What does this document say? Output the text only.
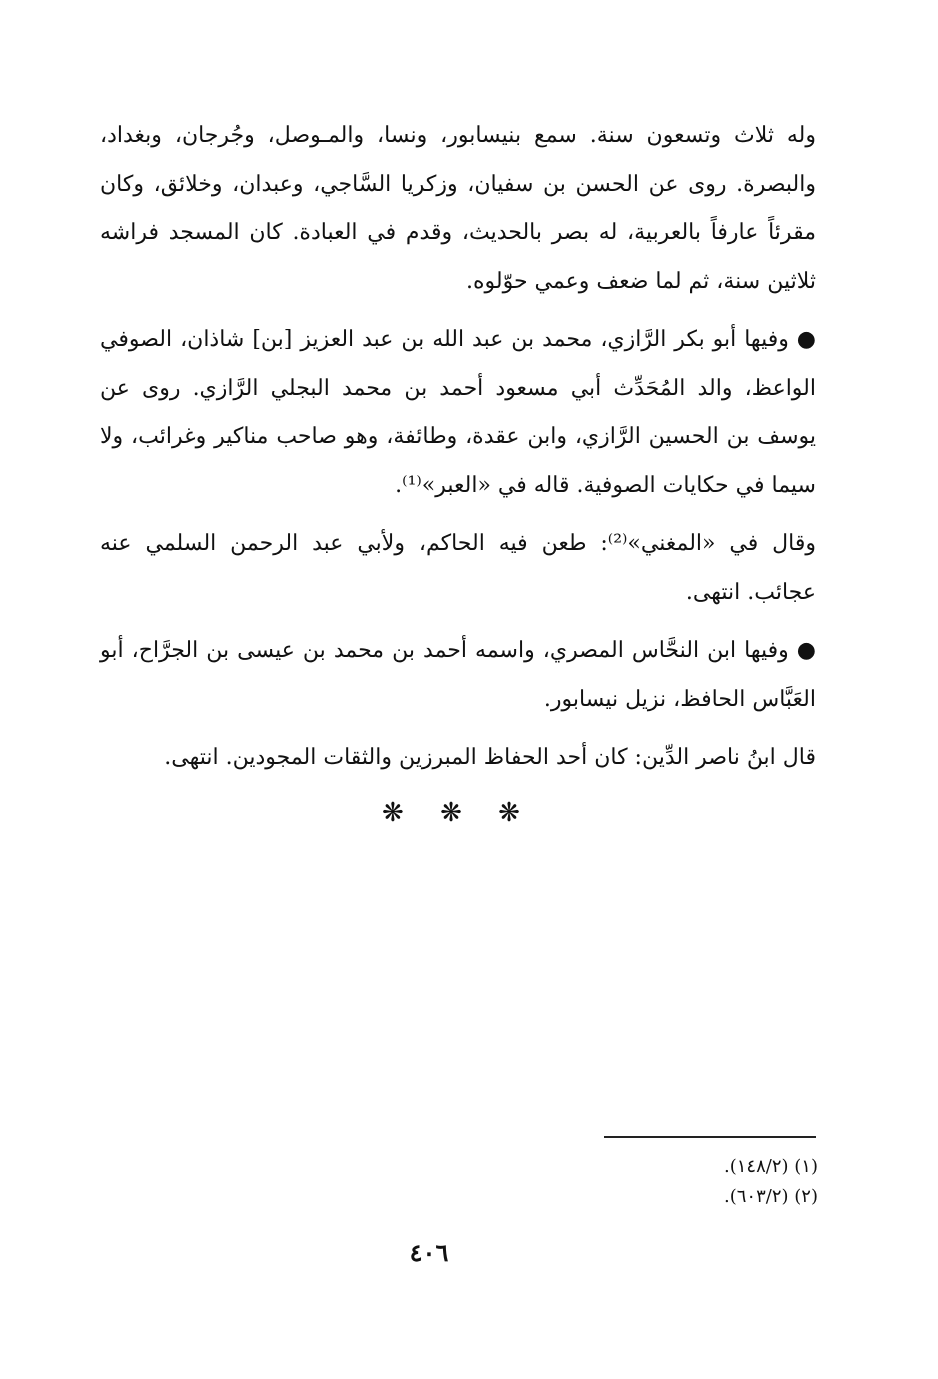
وله ثلاث وتسعون سنة. سمع بنيسابور، ونسا، والمـوصل، وجُرجان، وبغداد، والبصرة. روى عن الحسن بن سفيان، وزكريا السَّاجي، وعبدان، وخلائق، وكان مقرئاً عارفاً بالعربية، له بصر بالحديث، وقدم في العبادة. كان المسجد فراشه ثلاثين سنة، ثم لما ضعف وعمي حوّلوه.

● وفيها أبو بكر الرَّازي، محمد بن عبد الله بن عبد العزيز [بن] شاذان، الصوفي الواعظ، والد المُحَدِّث أبي مسعود أحمد بن محمد البجلي الرَّازي. روى عن يوسف بن الحسين الرَّازي، وابن عقدة، وطائفة، وهو صاحب مناكير وغرائب، ولا سيما في حكايات الصوفية. قاله في «العبر»⁽¹⁾.

وقال في «المغني»⁽²⁾: طعن فيه الحاكم، ولأبي عبد الرحمن السلمي عنه عجائب. انتهى.

● وفيها ابن النحَّاس المصري، واسمه أحمد بن محمد بن عيسى بن الجرَّاح، أبو العَبَّاس الحافظ، نزيل نيسابور.

قال ابنُ ناصر الدِّين: كان أحد الحفاظ المبرزين والثقات المجودين. انتهى.

❋ ❋ ❋
(١) (١٤٨/٢).
(٢) (٦٠٣/٢).
٤٠٦
